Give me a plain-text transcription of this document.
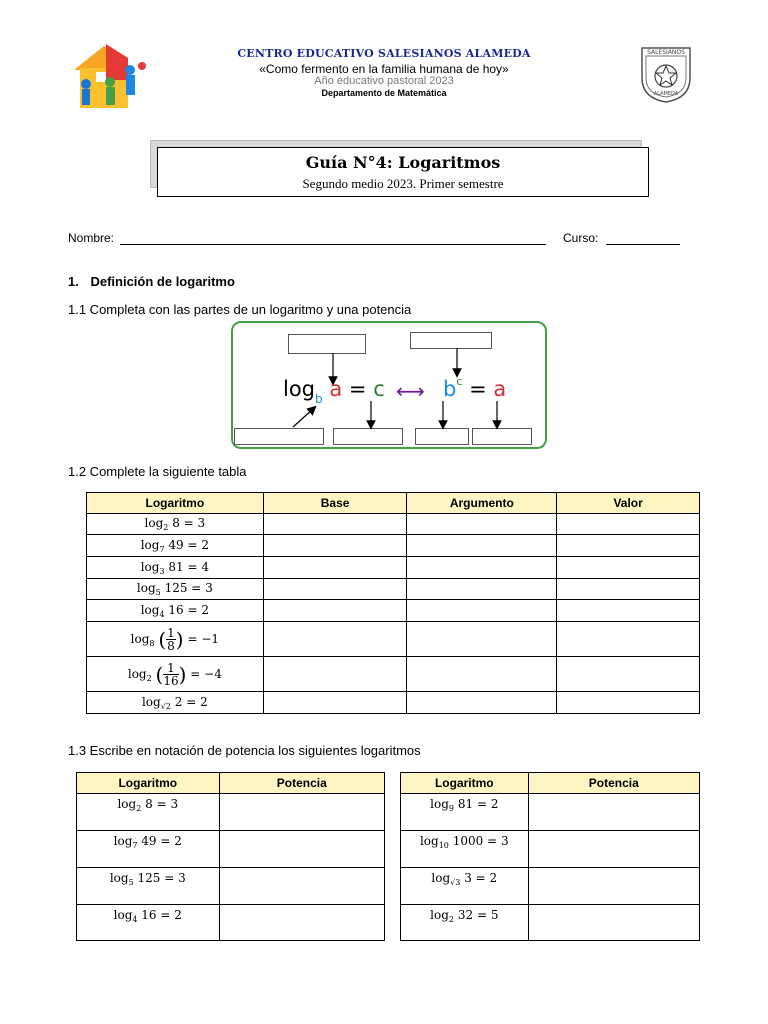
CENTRO EDUCATIVO SALESIANOS ALAMEDA
«Como fermento en la familia humana de hoy»
Año educativo pastoral 2023
Departamento de Matemática
SALESIANOS
ALAMEDA
Guía N°4: Logaritmos
Segundo medio 2023. Primer semestre
Nombre:	Curso:
1. Definición de logaritmo
1.1 Completa con las partes de un logaritmo y una potencia
$\log_b a = c$ ⟷ $b^c = a$
1.2 Complete la siguiente tabla
Logaritmo	Base	Argumento	Valor
$\log_2 8 = 3$			
$\log_7 49 = 2$			
$\log_3 81 = 4$			
$\log_5 125 = 3$			
$\log_4 16 = 2$			
$\log_8$ ( $\frac{1}{8}$ ) = −1			
$\log_2$ ( $\frac{1}{16}$ ) = −4			
$\log_{√2} 2 = 2$			
1.3 Escribe en notación de potencia los siguientes logaritmos
Logaritmo	Potencia
$\log_2 8 = 3$	
$\log_7 49 = 2$	
$\log_5 125 = 3$	
$\log_4 16 = 2$	
Logaritmo	Potencia
$\log_9 81 = 2$	
$\log_{10} 1000 = 3$	
$\log_{√3} 3 = 2$	
$\log_2 32 = 5$	
